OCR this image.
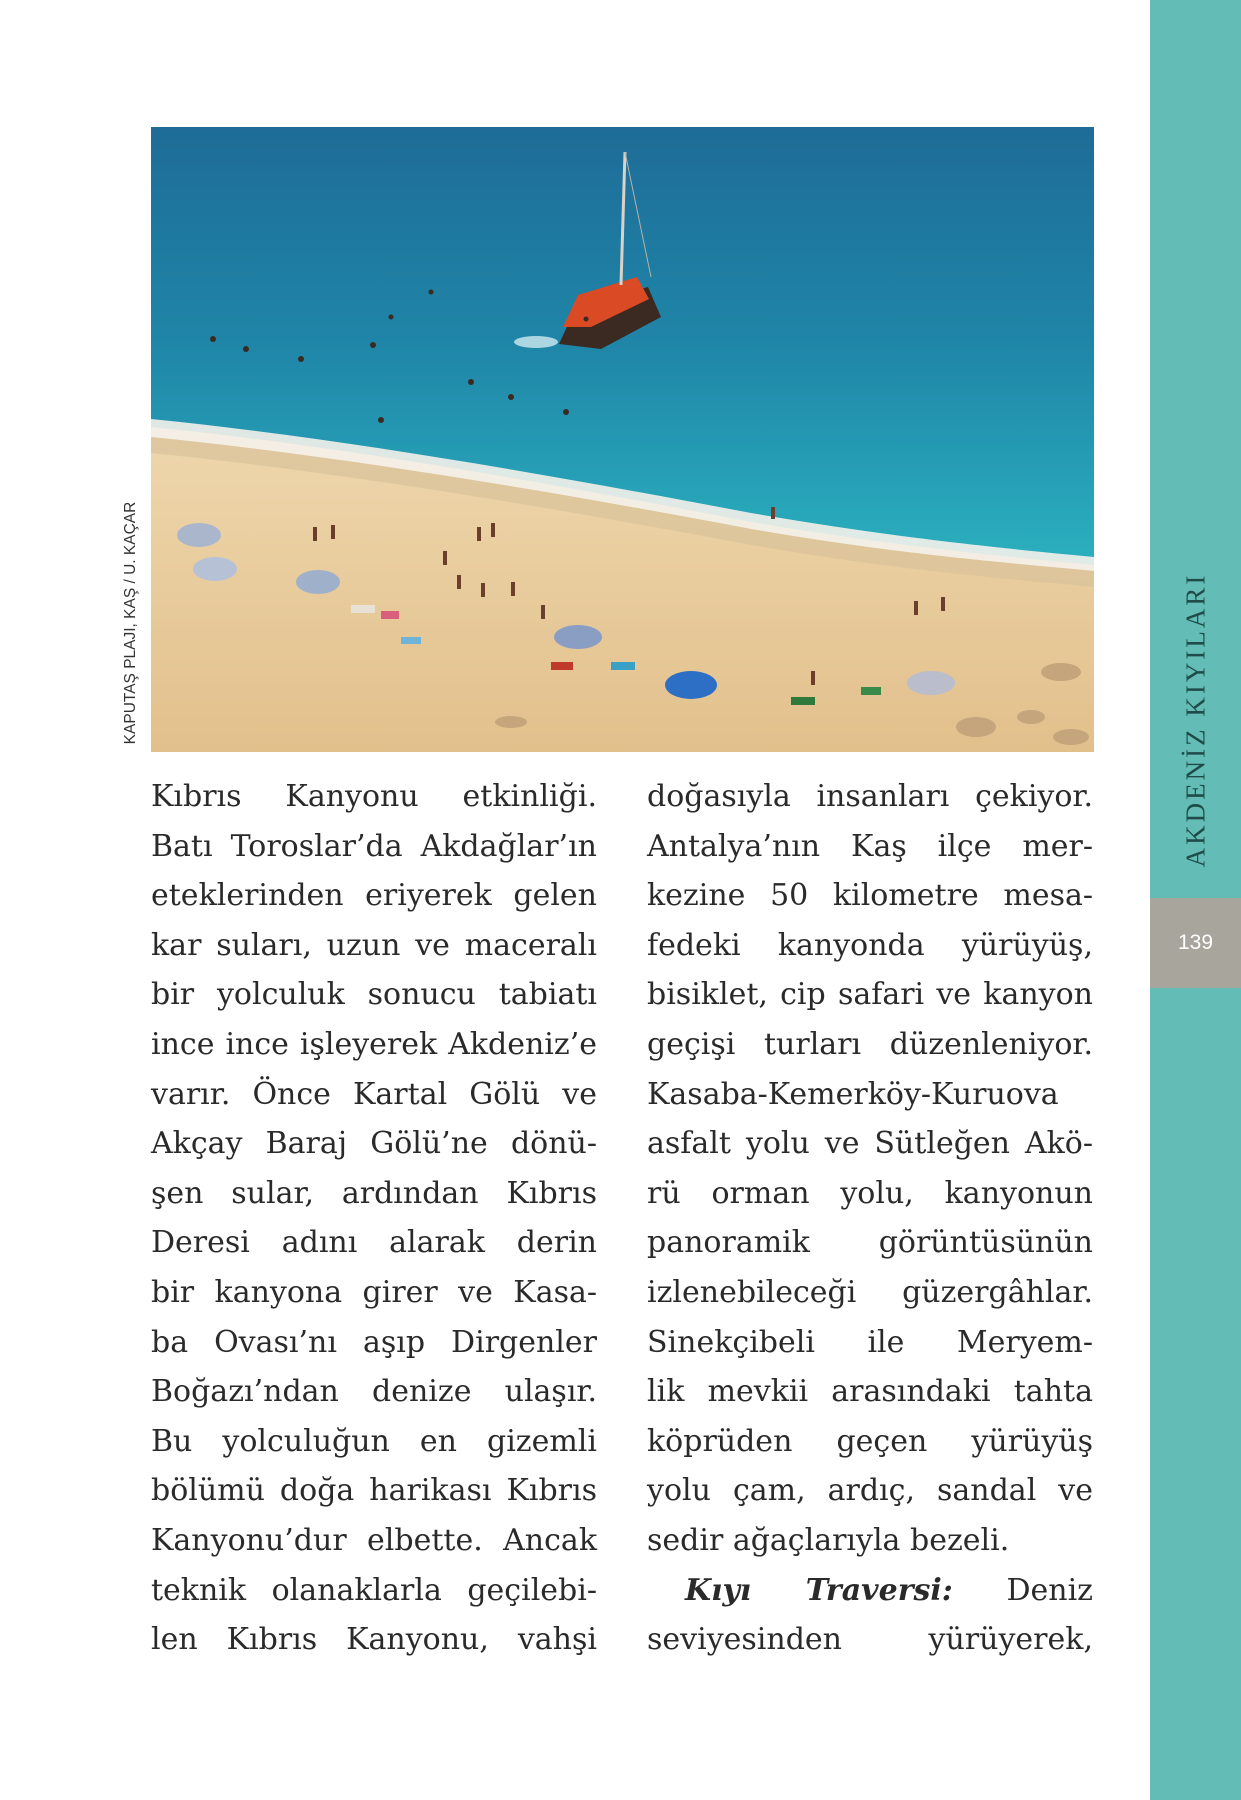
AKDENİZ KIYILARI
139
KAPUTAŞ PLAJI, KAŞ / U. KAÇAR
Kıbrıs Kanyonu etkinliği.
Batı Toroslar’da Akdağlar’ın
eteklerinden eriyerek gelen
kar suları, uzun ve maceralı
bir yolculuk sonucu tabiatı
ince ince işleyerek Akdeniz’e
varır. Önce Kartal Gölü ve
Akçay Baraj Gölü’ne dönü-
şen sular, ardından Kıbrıs
Deresi adını alarak derin
bir kanyona girer ve Kasa-
ba Ovası’nı aşıp Dirgenler
Boğazı’ndan denize ulaşır.
Bu yolculuğun en gizemli
bölümü doğa harikası Kıbrıs
Kanyonu’dur elbette. Ancak
teknik olanaklarla geçilebi-
len Kıbrıs Kanyonu, vahşi
doğasıyla insanları çekiyor.
Antalya’nın Kaş ilçe mer-
kezine 50 kilometre mesa-
fedeki kanyonda yürüyüş,
bisiklet, cip safari ve kanyon
geçişi turları düzenleniyor.
Kasaba-Kemerköy-Kuruova
asfalt yolu ve Sütleğen Akö-
rü orman yolu, kanyonun
panoramik görüntüsünün
izlenebileceği güzergâhlar.
Sinekçibeli ile Meryem-
lik mevkii arasındaki tahta
köprüden geçen yürüyüş
yolu çam, ardıç, sandal ve
sedir ağaçlarıyla bezeli.
Kıyı Traversi: Deniz
seviyesinden yürüyerek,
